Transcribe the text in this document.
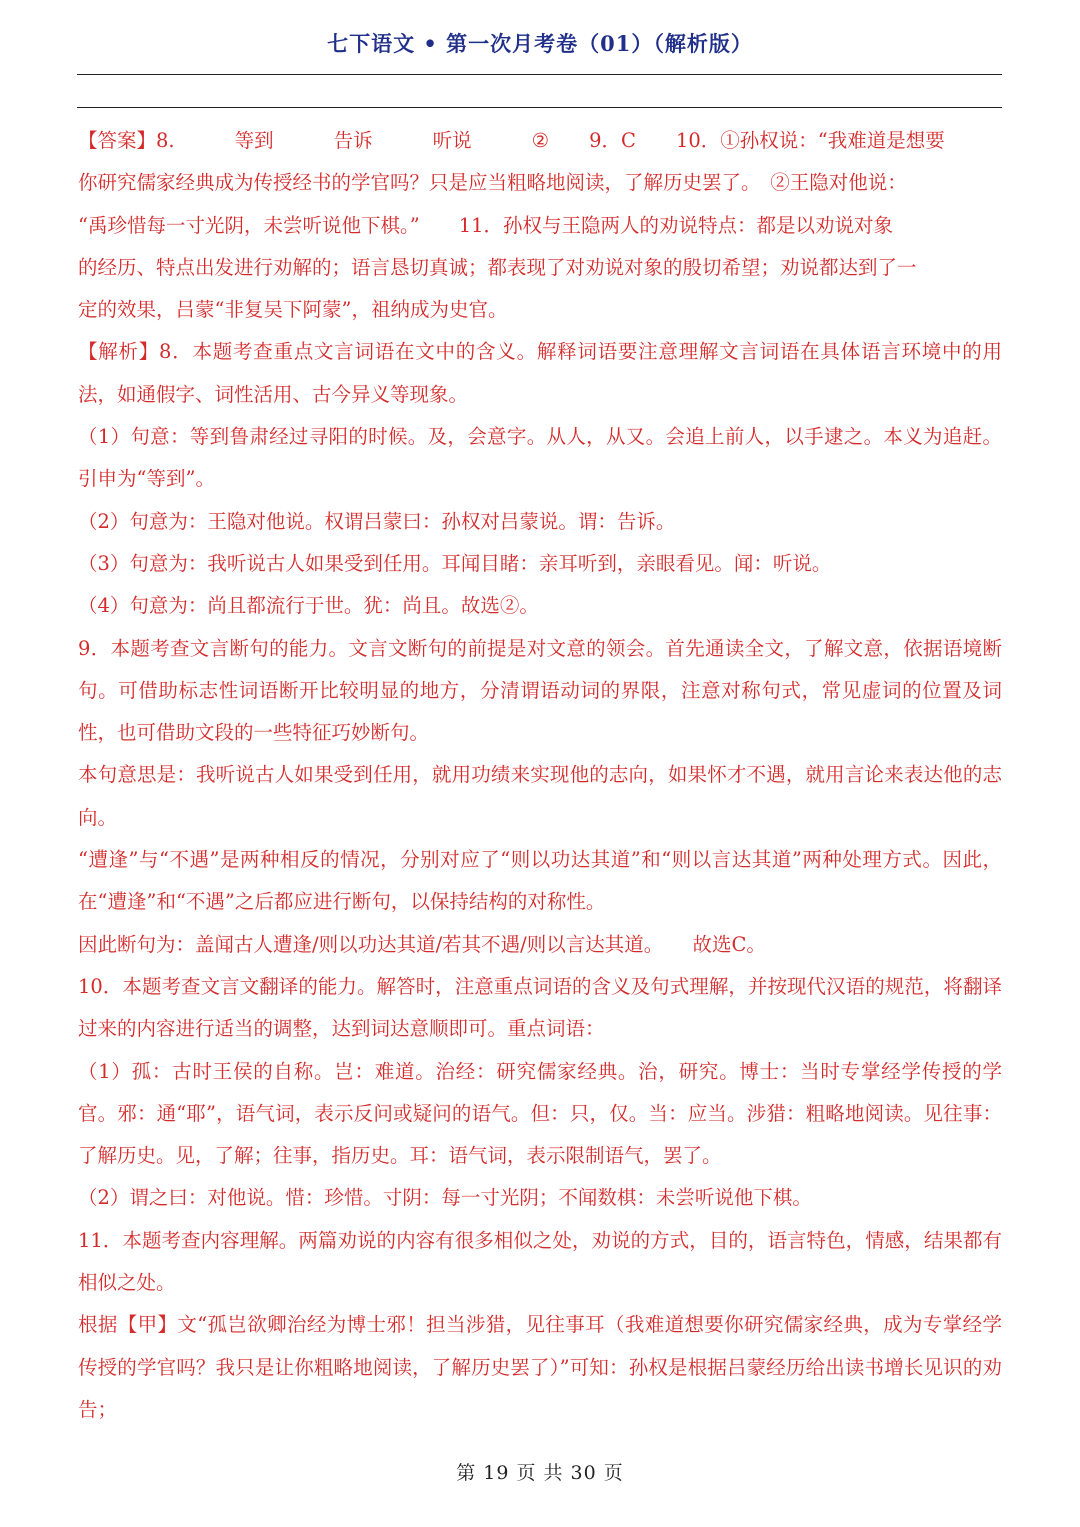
七下语文 • 第一次月考卷（01）（解析版）

【答案】8.	等到	告诉	听说	② 9．C 10．①孙权说：“我难道是想要

你研究儒家经典成为传授经书的学官吗？只是应当粗略地阅读，了解历史罢了。　②王隐对他说：

“禹珍惜每一寸光阴，未尝听说他下棋。”　　11．孙权与王隐两人的劝说特点：都是以劝说对象

的经历、特点出发进行劝解的；语言恳切真诚；都表现了对劝说对象的殷切希望；劝说都达到了一

定的效果，吕蒙“非复吴下阿蒙”，祖纳成为史官。

【解析】8．本题考查重点文言词语在文中的含义。解释词语要注意理解文言词语在具体语言环境中的用法，如通假字、词性活用、古今异义等现象。

（1）句意：等到鲁肃经过寻阳的时候。及，会意字。从人，从又。会追上前人，以手逮之。本义为追赶。引申为“等到”。

（2）句意为：王隐对他说。权谓吕蒙曰：孙权对吕蒙说。谓：告诉。

（3）句意为：我听说古人如果受到任用。耳闻目睹：亲耳听到，亲眼看见。闻：听说。

（4）句意为：尚且都流行于世。犹：尚且。故选②。

9．本题考查文言断句的能力。文言文断句的前提是对文意的领会。首先通读全文，了解文意，依据语境断句。可借助标志性词语断开比较明显的地方，分清谓语动词的界限，注意对称句式，常见虚词的位置及词性，也可借助文段的一些特征巧妙断句。

本句意思是：我听说古人如果受到任用，就用功绩来实现他的志向，如果怀才不遇，就用言论来表达他的志向。

“遭逢”与“不遇”是两种相反的情况，分别对应了“则以功达其道”和“则以言达其道”两种处理方式。因此，在“遭逢”和“不遇”之后都应进行断句，以保持结构的对称性。

因此断句为：盖闻古人遭逢/则以功达其道/若其不遇/则以言达其道。　　故选C。

10．本题考查文言文翻译的能力。解答时，注意重点词语的含义及句式理解，并按现代汉语的规范，将翻译过来的内容进行适当的调整，达到词达意顺即可。重点词语：

（1）孤：古时王侯的自称。岂：难道。治经：研究儒家经典。治，研究。博士：当时专掌经学传授的学官。邪：通“耶”，语气词，表示反问或疑问的语气。但：只，仅。当：应当。涉猎：粗略地阅读。见往事：了解历史。见，了解；往事，指历史。耳：语气词，表示限制语气，罢了。

（2）谓之曰：对他说。惜：珍惜。寸阴：每一寸光阴；不闻数棋：未尝听说他下棋。

11．本题考查内容理解。两篇劝说的内容有很多相似之处，劝说的方式，目的，语言特色，情感，结果都有相似之处。

根据【甲】文“孤岂欲卿治经为博士邪！担当涉猎，见往事耳（我难道想要你研究儒家经典，成为专掌经学传授的学官吗？我只是让你粗略地阅读，了解历史罢了）”可知：孙权是根据吕蒙经历给出读书增长见识的劝告；

第 19 页 共 30 页
